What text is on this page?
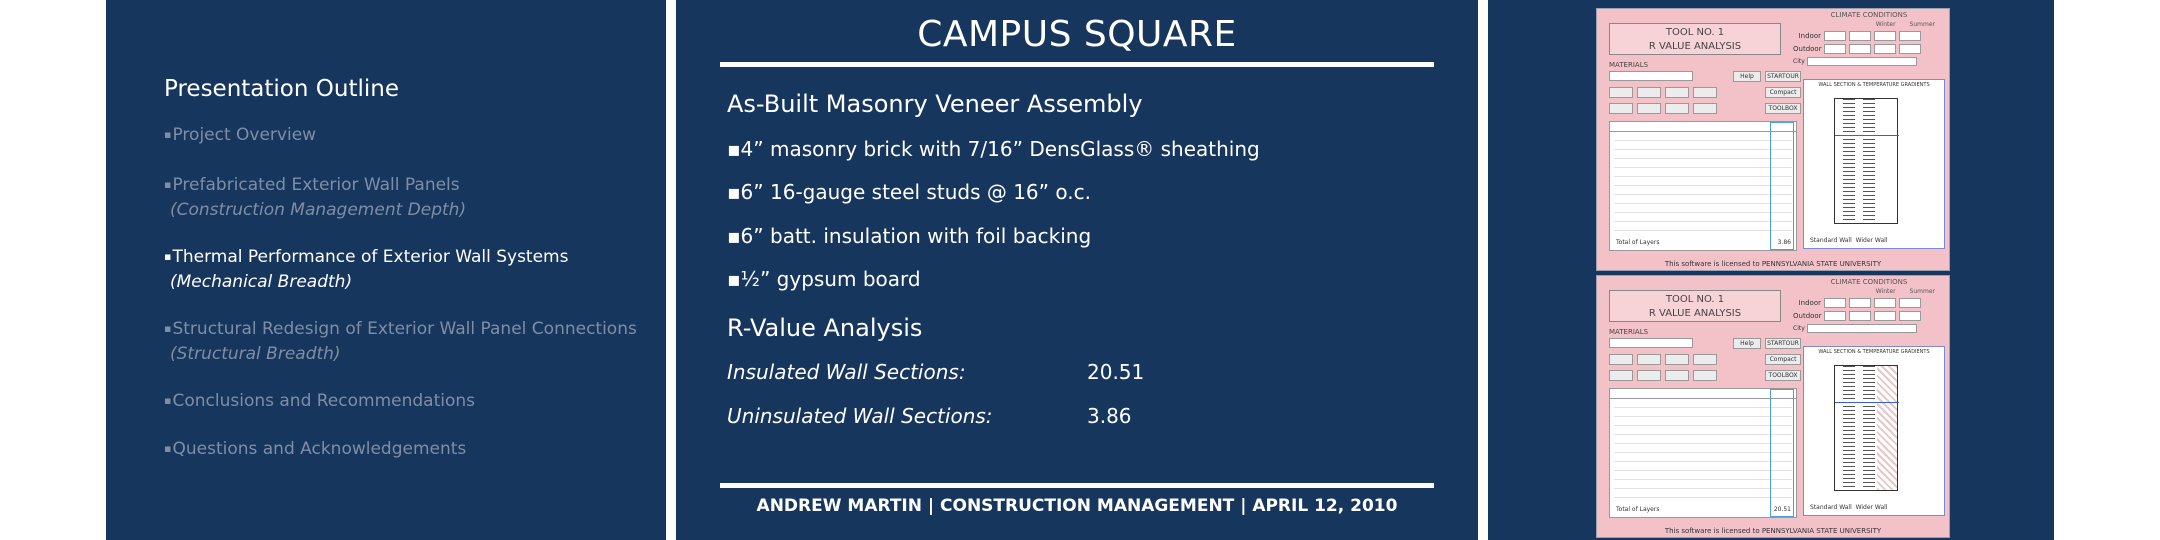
Presentation Outline
▪Project Overview
▪Prefabricated Exterior Wall Panels
(Construction Management Depth)
▪Thermal Performance of Exterior Wall Systems
(Mechanical Breadth)
▪Structural Redesign of Exterior Wall Panel Connections
(Structural Breadth)
▪Conclusions and Recommendations
▪Questions and Acknowledgements
CAMPUS SQUARE
As-Built Masonry Veneer Assembly
▪4” masonry brick with 7/16” DensGlass® sheathing
▪6” 16-gauge steel studs @ 16” o.c.
▪6” batt. insulation with foil backing
▪½” gypsum board
R-Value Analysis
Insulated Wall Sections:	20.51
Uninsulated Wall Sections:	3.86
ANDREW MARTIN | CONSTRUCTION MANAGEMENT | APRIL 12, 2010
TOOL NO. 1
R VALUE ANALYSIS
CLIMATE CONDITIONS
Winter Summer
Indoor
Outdoor
City
MATERIALS
Help	STARTOUR
Compact
TOOLBOX
Total of Layers	3.86
WALL SECTION & TEMPERATURE GRADIENTS
Standard Wall Wider Wall
This software is licensed to PENNSYLVANIA STATE UNIVERSITY
TOOL NO. 1
R VALUE ANALYSIS
CLIMATE CONDITIONS
Winter Summer
Indoor
Outdoor
City
MATERIALS
Help	STARTOUR
Compact
TOOLBOX
Total of Layers	20.51
WALL SECTION & TEMPERATURE GRADIENTS
Standard Wall Wider Wall
This software is licensed to PENNSYLVANIA STATE UNIVERSITY
